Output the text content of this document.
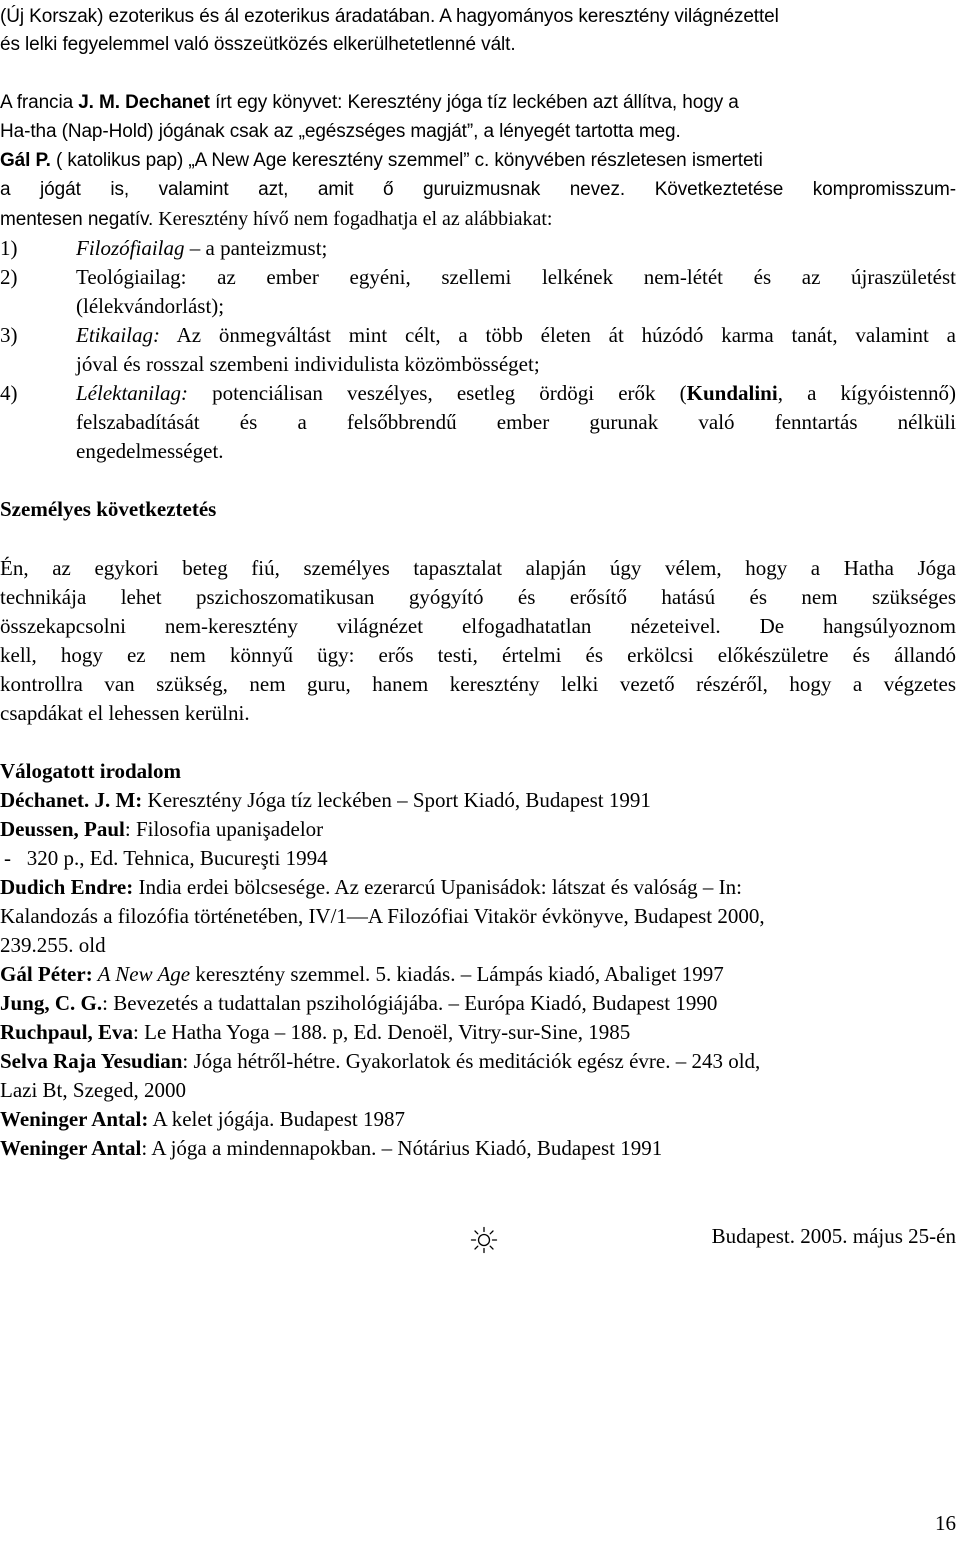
(Új Korszak) ezoterikus és ál ezoterikus áradatában. A hagyományos keresztény világnézettel
és lelki fegyelemmel való összeütközés elkerülhetetlenné vált.
A francia J. M. Dechanet írt egy könyvet: Keresztény jóga tíz leckében azt állítva, hogy a
Ha-tha (Nap-Hold) jógának csak az „egészséges magját”, a lényegét tartotta meg.
Gál P. ( katolikus pap) „A New Age keresztény szemmel” c. könyvében részletesen ismerteti
a jógát is, valamint azt, amit ő guruizmusnak nevez. Következtetése kompromisszum-
mentesen negatív. Keresztény hívő nem fogadhatja el az alábbiakat:
1)	Filozófiailag – a panteizmust;
2)	Teológiailag: az ember egyéni, szellemi lelkének nem-létét és az újraszületést
(lélekvándorlást);
3)	Etikailag: Az önmegváltást mint célt, a több életen át húzódó karma tanát, valamint a
jóval és rosszal szembeni individulista közömbösséget;
4)	Lélektanilag: potenciálisan veszélyes, esetleg ördögi erők (Kundalini, a kígyóistennő)
felszabadítását és a felsőbbrendű ember gurunak való fenntartás nélküli
engedelmességet.
Személyes következtetés
Én, az egykori beteg fiú, személyes tapasztalat alapján úgy vélem, hogy a Hatha Jóga
technikája lehet pszichoszomatikusan gyógyító és erősítő hatású és nem szükséges
összekapcsolni nem-keresztény világnézet elfogadhatatlan nézeteivel. De hangsúlyoznom
kell, hogy ez nem könnyű ügy: erős testi, értelmi és erkölcsi előkészületre és állandó
kontrollra van szükség, nem guru, hanem keresztény lelki vezető részéről, hogy a végzetes
csapdákat el lehessen kerülni.
Válogatott irodalom
Déchanet. J. M: Keresztény Jóga tíz leckében – Sport Kiadó, Budapest 1991
Deussen, Paul: Filosofia upanişadelor
-   320 p., Ed. Tehnica, Bucureşti 1994
Dudich Endre: India erdei bölcsesége. Az ezerarcú Upanisádok: látszat és valóság – In:
Kalandozás a filozófia történetében, IV/1—A Filozófiai Vitakör évkönyve, Budapest 2000,
239.255. old
Gál Péter: A New Age keresztény szemmel. 5. kiadás. – Lámpás kiadó, Abaliget 1997
Jung, C. G.: Bevezetés a tudattalan pszihológiájába. – Európa Kiadó, Budapest 1990
Ruchpaul, Eva: Le Hatha Yoga – 188. p, Ed. Denoël, Vitry-sur-Sine, 1985
Selva Raja Yesudian: Jóga hétről-hétre. Gyakorlatok és meditációk egész évre. – 243 old,
Lazi Bt, Szeged, 2000
Weninger Antal: A kelet jógája. Budapest 1987
Weninger Antal: A jóga a mindennapokban. – Nótárius Kiadó, Budapest 1991
Budapest. 2005. május 25-én
16
